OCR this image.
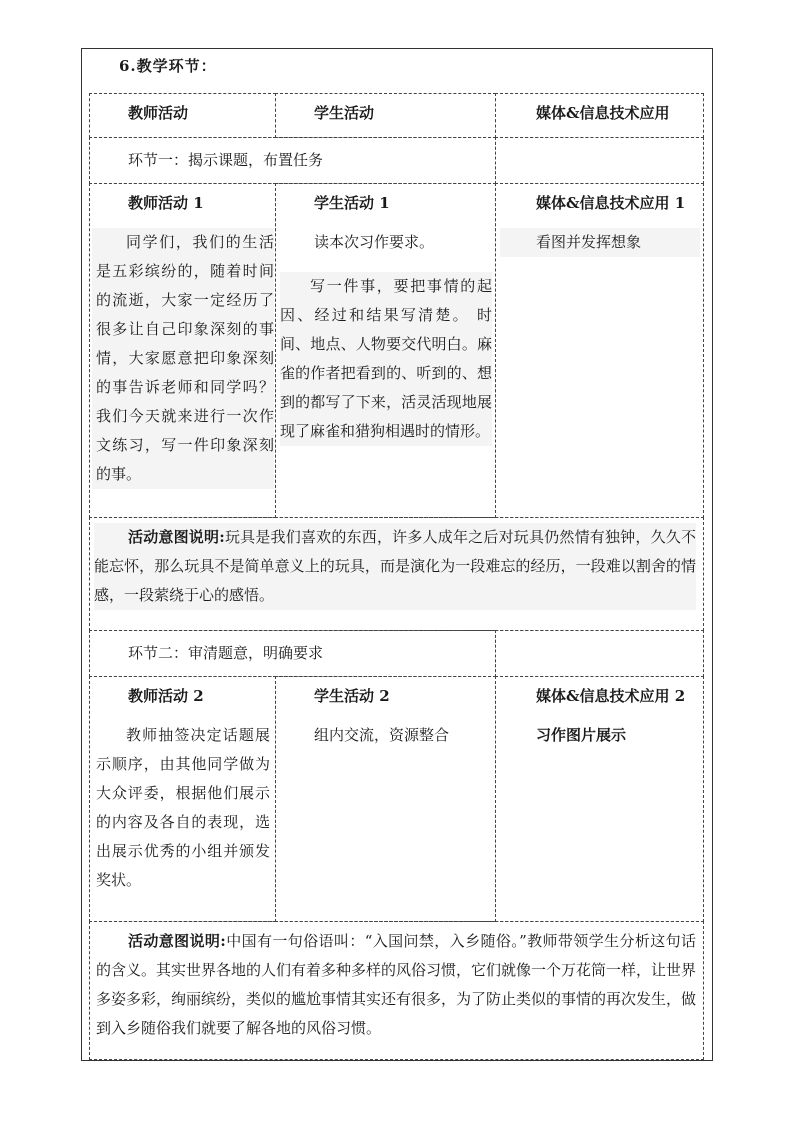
6.教学环节：

教师活动	学生活动	媒体&信息技术应用

环节一：揭示课题，布置任务

教师活动 1

同学们，我们的生活是五彩缤纷的，随着时间的流逝，大家一定经历了很多让自己印象深刻的事情，大家愿意把印象深刻的事告诉老师和同学吗？我们今天就来进行一次作文练习，写一件印象深刻的事。

学生活动 1

读本次习作要求。

写一件事，要把事情的起因、经过和结果写清楚。 时间、地点、人物要交代明白。麻雀的作者把看到的、听到的、想到的都写了下来，活灵活现地展现了麻雀和猎狗相遇时的情形。

媒体&信息技术应用 1

看图并发挥想象

活动意图说明:玩具是我们喜欢的东西，许多人成年之后对玩具仍然情有独钟，久久不能忘怀，那么玩具不是简单意义上的玩具，而是演化为一段难忘的经历，一段难以割舍的情感，一段萦绕于心的感悟。

环节二：审清题意，明确要求

教师活动 2

教师抽签决定话题展示顺序，由其他同学做为大众评委，根据他们展示的内容及各自的表现，选出展示优秀的小组并颁发奖状。

学生活动 2

组内交流，资源整合

媒体&信息技术应用 2

习作图片展示

活动意图说明:中国有一句俗语叫：“入国问禁，入乡随俗。”教师带领学生分析这句话的含义。其实世界各地的人们有着多种多样的风俗习惯，它们就像一个万花筒一样，让世界多姿多彩，绚丽缤纷，类似的尴尬事情其实还有很多，为了防止类似的事情的再次发生，做到入乡随俗我们就要了解各地的风俗习惯。
